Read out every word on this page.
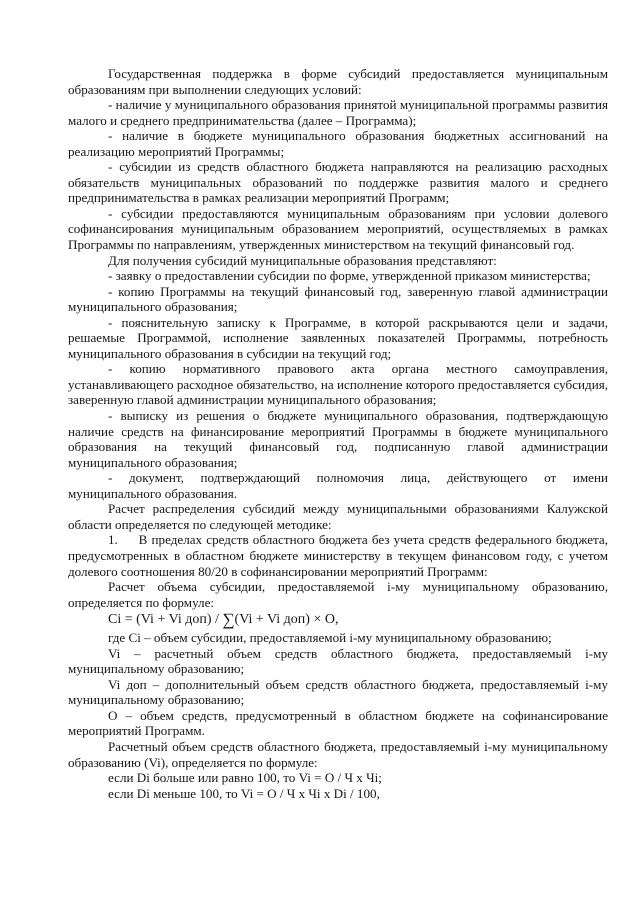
Государственная поддержка в форме субсидий предоставляется муниципальным образованиям при выполнении следующих условий:

- наличие у муниципального образования принятой муниципальной программы развития малого и среднего предпринимательства (далее – Программа);

- наличие в бюджете муниципального образования бюджетных ассигнований на реализацию мероприятий Программы;

- субсидии из средств областного бюджета направляются на реализацию расходных обязательств муниципальных образований по поддержке развития малого и среднего предпринимательства в рамках реализации мероприятий Программ;

- субсидии предоставляются муниципальным образованиям при условии долевого софинансирования муниципальным образованием мероприятий, осуществляемых в рамках Программы по направлениям, утвержденных министерством на текущий финансовый год.

Для получения субсидий муниципальные образования представляют:

- заявку о предоставлении субсидии по форме, утвержденной приказом министерства;

- копию Программы на текущий финансовый год, заверенную главой администрации муниципального образования;

- пояснительную записку к Программе, в которой раскрываются цели и задачи, решаемые Программой, исполнение заявленных показателей Программы, потребность муниципального образования в субсидии на текущий год;

- копию нормативного правового акта органа местного самоуправления, устанавливающего расходное обязательство, на исполнение которого предоставляется субсидия, заверенную главой администрации муниципального образования;

- выписку из решения о бюджете муниципального образования, подтверждающую наличие средств на финансирование мероприятий Программы в бюджете муниципального образования на текущий финансовый год, подписанную главой администрации муниципального образования;

- документ, подтверждающий полномочия лица, действующего от имени муниципального образования.

Расчет распределения субсидий между муниципальными образованиями Калужской области определяется по следующей методике:

1.     В пределах средств областного бюджета без учета средств федерального бюджета, предусмотренных в областном бюджете министерству в текущем финансовом году, с учетом долевого соотношения 80/20 в софинансировании мероприятий Программ:

Расчет объема субсидии, предоставляемой i-му муниципальному образованию, определяется по формуле:

Ci = (Vi + Vi доп) / ∑(Vi + Vi доп) × O,

где Ci – объем субсидии, предоставляемой i-му муниципальному образованию;

Vi – расчетный объем средств областного бюджета, предоставляемый i-му муниципальному образованию;

Vi доп – дополнительный объем средств областного бюджета, предоставляемый i-му муниципальному образованию;

О – объем средств, предусмотренный в областном бюджете на софинансирование мероприятий Программ.

Расчетный объем средств областного бюджета, предоставляемый i-му муниципальному образованию (Vi), определяется по формуле:

если Di больше или равно 100, то Vi = O / Ч x Чi;

если Di меньше 100, то Vi = O / Ч x Чi x Di / 100,
